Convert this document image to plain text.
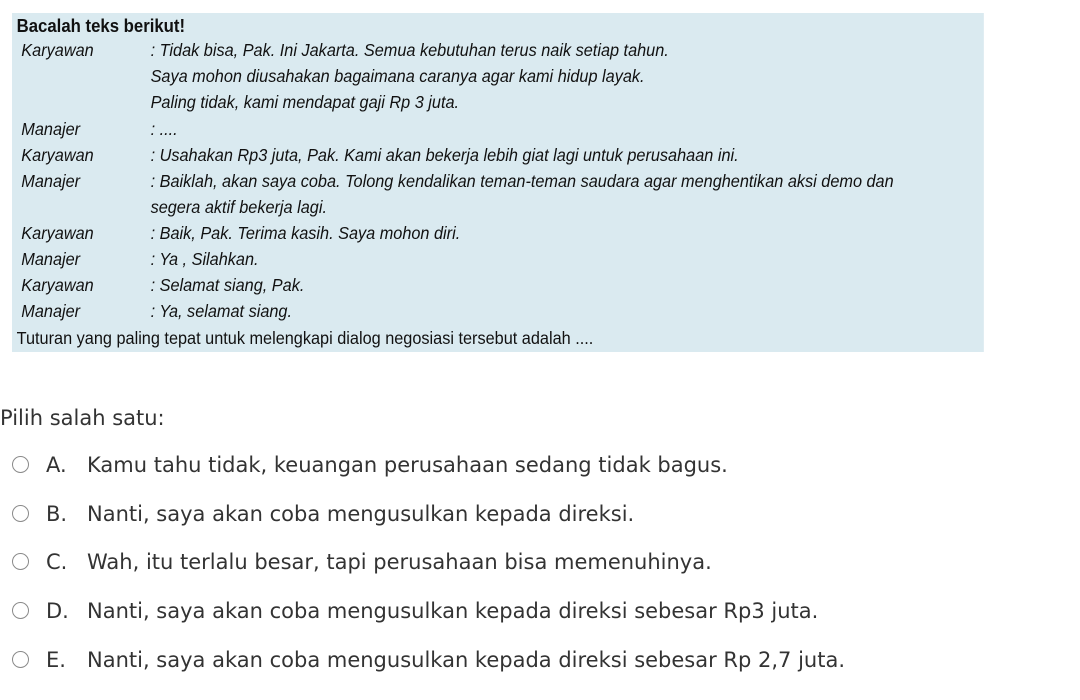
Bacalah teks berikut!
Karyawan	: Tidak bisa, Pak. Ini Jakarta. Semua kebutuhan terus naik setiap tahun.
Saya mohon diusahakan bagaimana caranya agar kami hidup layak.
Paling tidak, kami mendapat gaji Rp 3 juta.
Manajer	: ....
Karyawan	: Usahakan Rp3 juta, Pak. Kami akan bekerja lebih giat lagi untuk perusahaan ini.
Manajer	: Baiklah, akan saya coba. Tolong kendalikan teman-teman saudara agar menghentikan aksi demo dan
segera aktif bekerja lagi.
Karyawan	: Baik, Pak. Terima kasih. Saya mohon diri.
Manajer	: Ya , Silahkan.
Karyawan	: Selamat siang, Pak.
Manajer	: Ya, selamat siang.
Tuturan yang paling tepat untuk melengkapi dialog negosiasi tersebut adalah ....
Pilih salah satu:
A. Kamu tahu tidak, keuangan perusahaan sedang tidak bagus.
B. Nanti, saya akan coba mengusulkan kepada direksi.
C. Wah, itu terlalu besar, tapi perusahaan bisa memenuhinya.
D. Nanti, saya akan coba mengusulkan kepada direksi sebesar Rp3 juta.
E. Nanti, saya akan coba mengusulkan kepada direksi sebesar Rp 2,7 juta.
